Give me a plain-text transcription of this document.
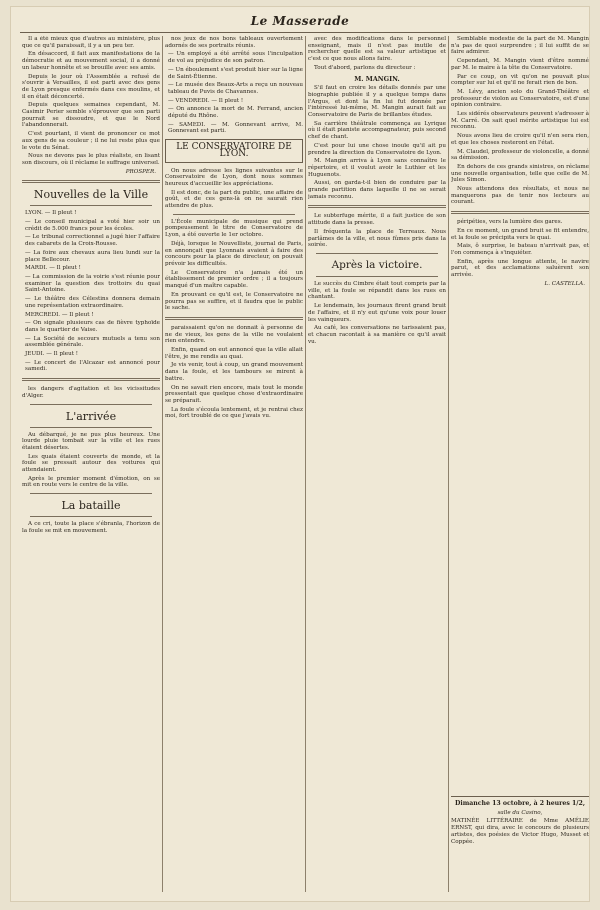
Le Masserade

Il a été mieux que d'autres au ministère, plus que ce qu'il paraissait, il y a un peu ter.

En désaccord, il fait aux manifestations de la démocratie et au mouvement social, il a donné un labeur honnête et se brouille avec ses amis.

Depuis le jour où l'Assemblée a refusé de s'ouvrir à Versailles, il est parti avec des gens de Lyon presque enfermés dans ces moulins, et il en était déconcerté.

Depuis quelques semaines cependant, M. Casimir Perier semble s'éprouver que son parti pourrait se dissoudre, et que le Nord l'abandonnerait.

C'est pourtant, il vient de prononcer ce mot aux gens de sa couleur ; il ne lui reste plus que le vote du Sénat.

Nous ne devons pas le plus réaliste, en lisant son discours, où il réclame le suffrage universel.

PROSPER.
Nouvelles de la Ville

LYON. — Il pleut !

— Le conseil municipal a voté hier soir un crédit de 5.000 francs pour les écoles.

— Le tribunal correctionnel a jugé hier l'affaire des cabarets de la Croix-Rousse.

— La foire aux chevaux aura lieu lundi sur la place Bellecour.

MARDI. — Il pleut !

— La commission de la voirie s'est réunie pour examiner la question des trottoirs du quai Saint-Antoine.

— Le théâtre des Célestins donnera demain une représentation extraordinaire.

MERCREDI. — Il pleut !

— On signale plusieurs cas de fièvre typhoïde dans le quartier de Vaise.

— La Société de secours mutuels a tenu son assemblée générale.

JEUDI. — Il pleut !

— Le concert de l'Alcazar est annoncé pour samedi.

les dangers d'agitation et les vicissitudes d'Alger.

L'arrivée

Au débarqué, je ne pus plus heureux. Une lourde pluie tombait sur la ville et les rues étaient désertes.

Les quais étaient couverts de monde, et la foule se pressait autour des voitures qui attendaient.

Après le premier moment d'émotion, on se mit en route vers le centre de la ville.

La bataille

A ce cri, toute la place s'ébranla, l'horizon de la foule se mit en mouvement.

nos jeux de nos bons tableaux ouvertement adornés de ses portraits réunis.

— Un employé a été arrêté sous l'inculpation de vol au préjudice de son patron.

— Un éboulement s'est produit hier sur la ligne de Saint-Étienne.

— Le musée des Beaux-Arts a reçu un nouveau tableau de Puvis de Chavannes.

— VENDREDI. — Il pleut !

— On annonce la mort de M. Ferrand, ancien député du Rhône.

— SAMEDI. — M. Gonnevant arrive, M. Gonnevant est parti.

LE CONSERVATOIRE DE LYON.

On nous adresse les lignes suivantes sur le Conservatoire de Lyon, dont nous sommes heureux d'accueillir les appréciations.

Il est donc, de la part du public, une affaire de goût, et de ces gens-là on ne saurait rien attendre de plus.

L'École municipale de musique qui prend pompeusement le titre de Conservatoire de Lyon, a été ouverte le 1er octobre.

Déjà, lorsque le Nouvelliste, journal de Paris, en annonçait que Lyonnais avaient à faire des concours pour la place de directeur, on pouvait prévoir les difficultés.

Le Conservatoire n'a jamais été un établissement de premier ordre ; il a toujours manqué d'un maître capable.

En prouvant ce qu'il est, le Conservatoire ne pourra pas se suffire, et il faudra que le public le sache.

paraissaient qu'on ne donnait à personne de ne de vieux, les gens de la ville ne voulaient rien entendre.

Enfin, quand on eut annoncé que la ville allait l'être, je me rendis au quai.

Je vis venir, tout à coup, un grand mouvement dans la foule, et les tambours se mirent à battre.

On ne savait rien encore, mais tout le monde pressentait que quelque chose d'extraordinaire se préparait.

La foule s'écoula lentement, et je rentrai chez moi, fort troublé de ce que j'avais vu.

avec des modifications dans le personnel enseignant, mais il n'est pas inutile de rechercher quelle est sa valeur artistique et c'est ce que nous allons faire.

Tout d'abord, parlons du directeur :

M. MANGIN.

S'il faut en croire les détails donnés par une biographie publiée il y a quelque temps dans l'Argus, et dont la fin lui fut donnée par l'intéressé lui-même, M. Mangin aurait fait au Conservatoire de Paris de brillantes études.

Sa carrière théâtrale commença au Lyrique où il était pianiste accompagnateur, puis second chef de chant.

C'est pour lui une chose inouïe qu'il ait pu prendre la direction du Conservatoire de Lyon.

M. Mangin arriva à Lyon sans connaître le répertoire, et il voulut avoir le Luthier et les Huguenots.

Aussi, on garda-t-il bien de conduire par la grande partition dans laquelle il ne se serait jamais reconnu.

Le subterfuge mérite, il a fait justice de son attitude dans la presse.

Il fréquenta la place de Terreaux. Nous parlâmes de la ville, et nous fûmes pris dans la soirée.

Après la victoire.

Le succès du Cimbre était tout compris par la ville, et la foule se répandit dans les rues en chantant.

Le lendemain, les journaux firent grand bruit de l'affaire, et il n'y eut qu'une voix pour louer les vainqueurs.

Au café, les conversations ne tarissaient pas, et chacun racontait à sa manière ce qu'il avait vu.

Semblable modestie de la part de M. Mangin n'a pas de quoi surprendre ; il lui suffit de se faire admirer.

Cependant, M. Mangin vient d'être nommé par M. le maire à la tête du Conservatoire.

Par ce coup, on vit qu'on ne pouvait plus compter sur lui et qu'il ne ferait rien de bon.

M. Lévy, ancien solo du Grand-Théâtre et professeur de violon au Conservatoire, est d'une opinion contraire.

Les sidérés observateurs peuvent s'adresser à M. Carré. On sait quel mérite artistique lui est reconnu.

Nous avons lieu de croire qu'il n'en sera rien, et que les choses resteront en l'état.

M. Claudel, professeur de violoncelle, a donné sa démission.

En dehors de ces grands sinistres, on réclame une nouvelle organisation, telle que celle de M. Jules Simon.

Nous attendons des résultats, et nous ne manquerons pas de tenir nos lecteurs au courant.

péripéties, vers la lumière des gares.

En ce moment, un grand bruit se fit entendre, et la foule se précipita vers le quai.

Mais, ô surprise, le bateau n'arrivait pas, et l'on commença à s'inquiéter.

Enfin, après une longue attente, le navire parut, et des acclamations saluèrent son arrivée.

L. CASTELLA.
Dimanche 13 octobre, à 2 heures 1/2,
salle du Casino,
MATINÉE LITTÉRAIRE de Mme AMÉLIE ERNST, qui dira, avec le concours de plusieurs artistes, des poésies de Victor Hugo, Musset et Coppée.
